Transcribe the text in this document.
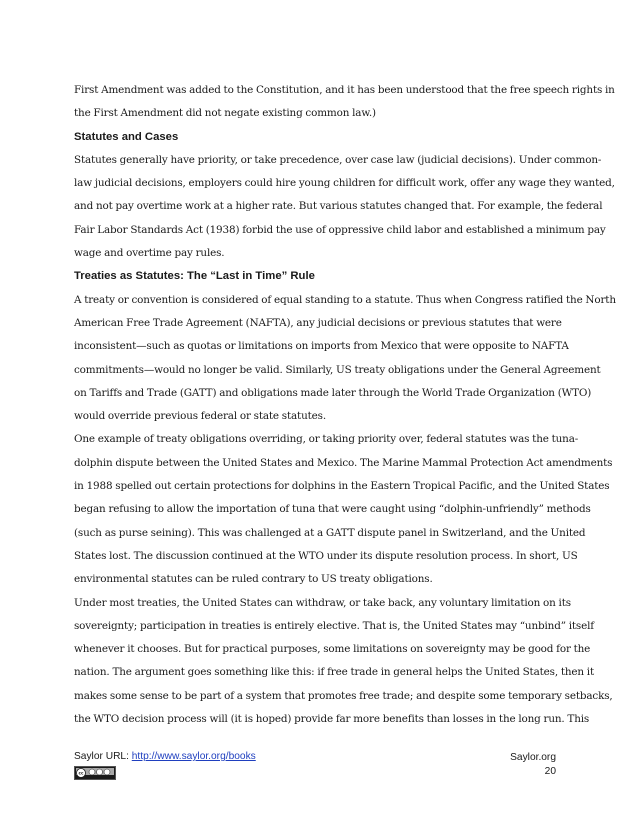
First Amendment was added to the Constitution, and it has been understood that the free speech rights in
the First Amendment did not negate existing common law.)
Statutes and Cases
Statutes generally have priority, or take precedence, over case law (judicial decisions). Under common-
law judicial decisions, employers could hire young children for difficult work, offer any wage they wanted,
and not pay overtime work at a higher rate. But various statutes changed that. For example, the federal
Fair Labor Standards Act (1938) forbid the use of oppressive child labor and established a minimum pay
wage and overtime pay rules.
Treaties as Statutes: The “Last in Time” Rule
A treaty or convention is considered of equal standing to a statute. Thus when Congress ratified the North
American Free Trade Agreement (NAFTA), any judicial decisions or previous statutes that were
inconsistent—such as quotas or limitations on imports from Mexico that were opposite to NAFTA
commitments—would no longer be valid. Similarly, US treaty obligations under the General Agreement
on Tariffs and Trade (GATT) and obligations made later through the World Trade Organization (WTO)
would override previous federal or state statutes.
One example of treaty obligations overriding, or taking priority over, federal statutes was the tuna-
dolphin dispute between the United States and Mexico. The Marine Mammal Protection Act amendments
in 1988 spelled out certain protections for dolphins in the Eastern Tropical Pacific, and the United States
began refusing to allow the importation of tuna that were caught using “dolphin-unfriendly” methods
(such as purse seining). This was challenged at a GATT dispute panel in Switzerland, and the United
States lost. The discussion continued at the WTO under its dispute resolution process. In short, US
environmental statutes can be ruled contrary to US treaty obligations.
Under most treaties, the United States can withdraw, or take back, any voluntary limitation on its
sovereignty; participation in treaties is entirely elective. That is, the United States may “unbind” itself
whenever it chooses. But for practical purposes, some limitations on sovereignty may be good for the
nation. The argument goes something like this: if free trade in general helps the United States, then it
makes some sense to be part of a system that promotes free trade; and despite some temporary setbacks,
the WTO decision process will (it is hoped) provide far more benefits than losses in the long run. This
Saylor URL: http://www.saylor.org/books
cc
Saylor.org
20
